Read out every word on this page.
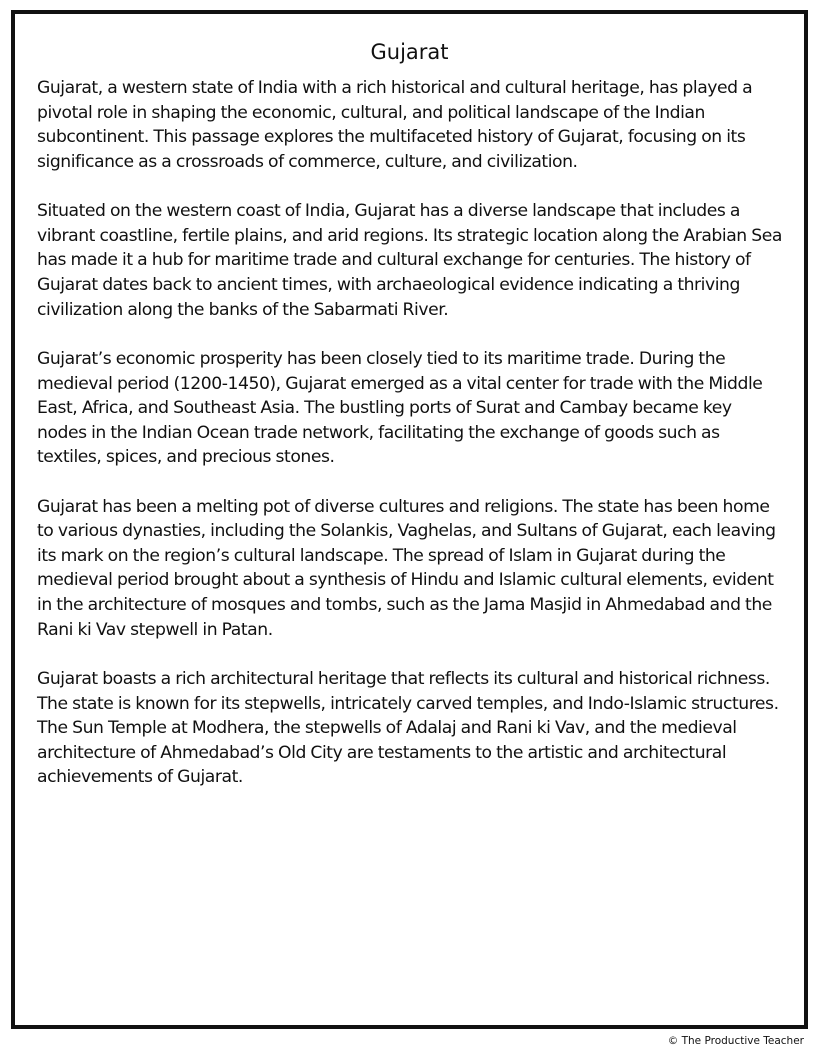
Gujarat

Gujarat, a western state of India with a rich historical and cultural heritage, has played a pivotal role in shaping the economic, cultural, and political landscape of the Indian subcontinent. This passage explores the multifaceted history of Gujarat, focusing on its significance as a crossroads of commerce, culture, and civilization.

Situated on the western coast of India, Gujarat has a diverse landscape that includes a vibrant coastline, fertile plains, and arid regions. Its strategic location along the Arabian Sea has made it a hub for maritime trade and cultural exchange for centuries. The history of Gujarat dates back to ancient times, with archaeological evidence indicating a thriving civilization along the banks of the Sabarmati River.

Gujarat’s economic prosperity has been closely tied to its maritime trade. During the medieval period (1200-1450), Gujarat emerged as a vital center for trade with the Middle East, Africa, and Southeast Asia. The bustling ports of Surat and Cambay became key nodes in the Indian Ocean trade network, facilitating the exchange of goods such as textiles, spices, and precious stones.

Gujarat has been a melting pot of diverse cultures and religions. The state has been home to various dynasties, including the Solankis, Vaghelas, and Sultans of Gujarat, each leaving its mark on the region’s cultural landscape. The spread of Islam in Gujarat during the medieval period brought about a synthesis of Hindu and Islamic cultural elements, evident in the architecture of mosques and tombs, such as the Jama Masjid in Ahmedabad and the Rani ki Vav stepwell in Patan.

Gujarat boasts a rich architectural heritage that reflects its cultural and historical richness. The state is known for its stepwells, intricately carved temples, and Indo-Islamic structures. The Sun Temple at Modhera, the stepwells of Adalaj and Rani ki Vav, and the medieval architecture of Ahmedabad’s Old City are testaments to the artistic and architectural achievements of Gujarat.

© The Productive Teacher
